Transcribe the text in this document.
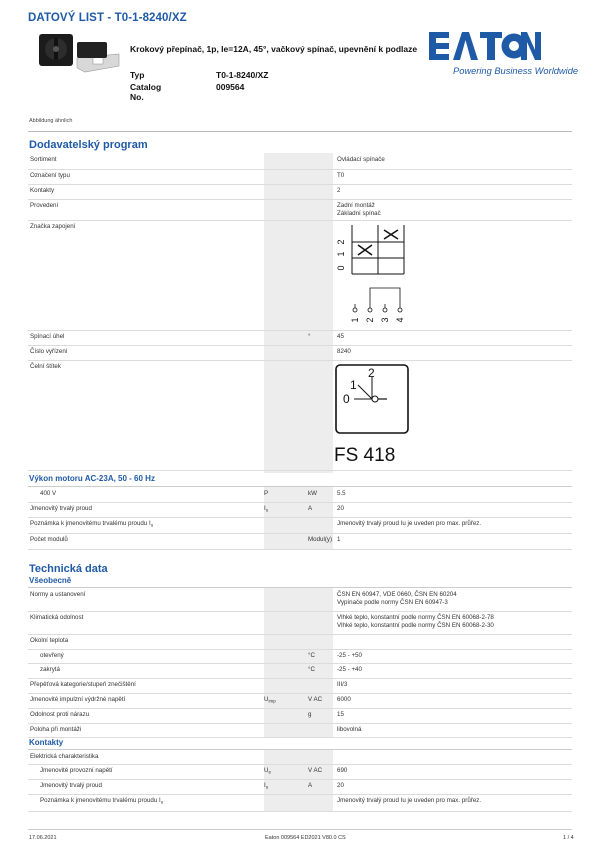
DATOVÝ LIST - T0-1-8240/XZ
Krokový přepínač, 1p, Ie=12A, 45°, vačkový spínač, upevnění k podlaze
Typ	T0-1-8240/XZ
Catalog No.
009564
Powering Business Worldwide
Abbildung ähnlich
Dodavatelský program
Sortiment	Ovládací spínače
Označení typu	T0
Kontakty	2
Provedení	Zadní montáž
Základní spínač
Značka zapojení
2
1
0
1 2 3 4
Spínací úhel	°	45
Číslo vyřízení	8240
Čelní štítek
0
1
2
FS 418
Výkon motoru AC-23A, 50 - 60 Hz
400 V	P	kW	5.5
Jmenovitý trvalý proud	$I_u$	A	20
Poznámka k jmenovitému trvalému proudu $I_u$	Jmenovitý trvalý proud Iu je uveden pro max. průřez.
Počet modulů	Modul(y) 1
Technická data
Všeobecně
Normy a ustanovení	ČSN EN 60947, VDE 0660, ČSN EN 60204
Vypínače podle normy ČSN EN 60947-3
Klimatická odolnost	Vlhké teplo, konstantní podle normy ČSN EN 60068-2-78
Vlhké teplo, konstantní podle normy ČSN EN 60068-2-30
Okolní teplota
otevřený	°C	-25 - +50
zakrytá	°C	-25 - +40
Přepěťová kategorie/stupeň znečištění	III/3
Jmenovité impulzní výdržné napětí	$U_{imp}$	V AC 6000
Odolnost proti nárazu	g	15
Poloha při montáži	libovolná
Kontakty
Elektrická charakteristika
Jmenovité provozní napětí	$U_e$	V AC 690
Jmenovitý trvalý proud	$I_u$	A	20
Poznámka k jmenovitému trvalému proudu $I_u$	Jmenovitý trvalý proud Iu je uveden pro max. průřez.
17.06.2021	Eaton 009564 ED2021 V80.0 CS	1 / 4
